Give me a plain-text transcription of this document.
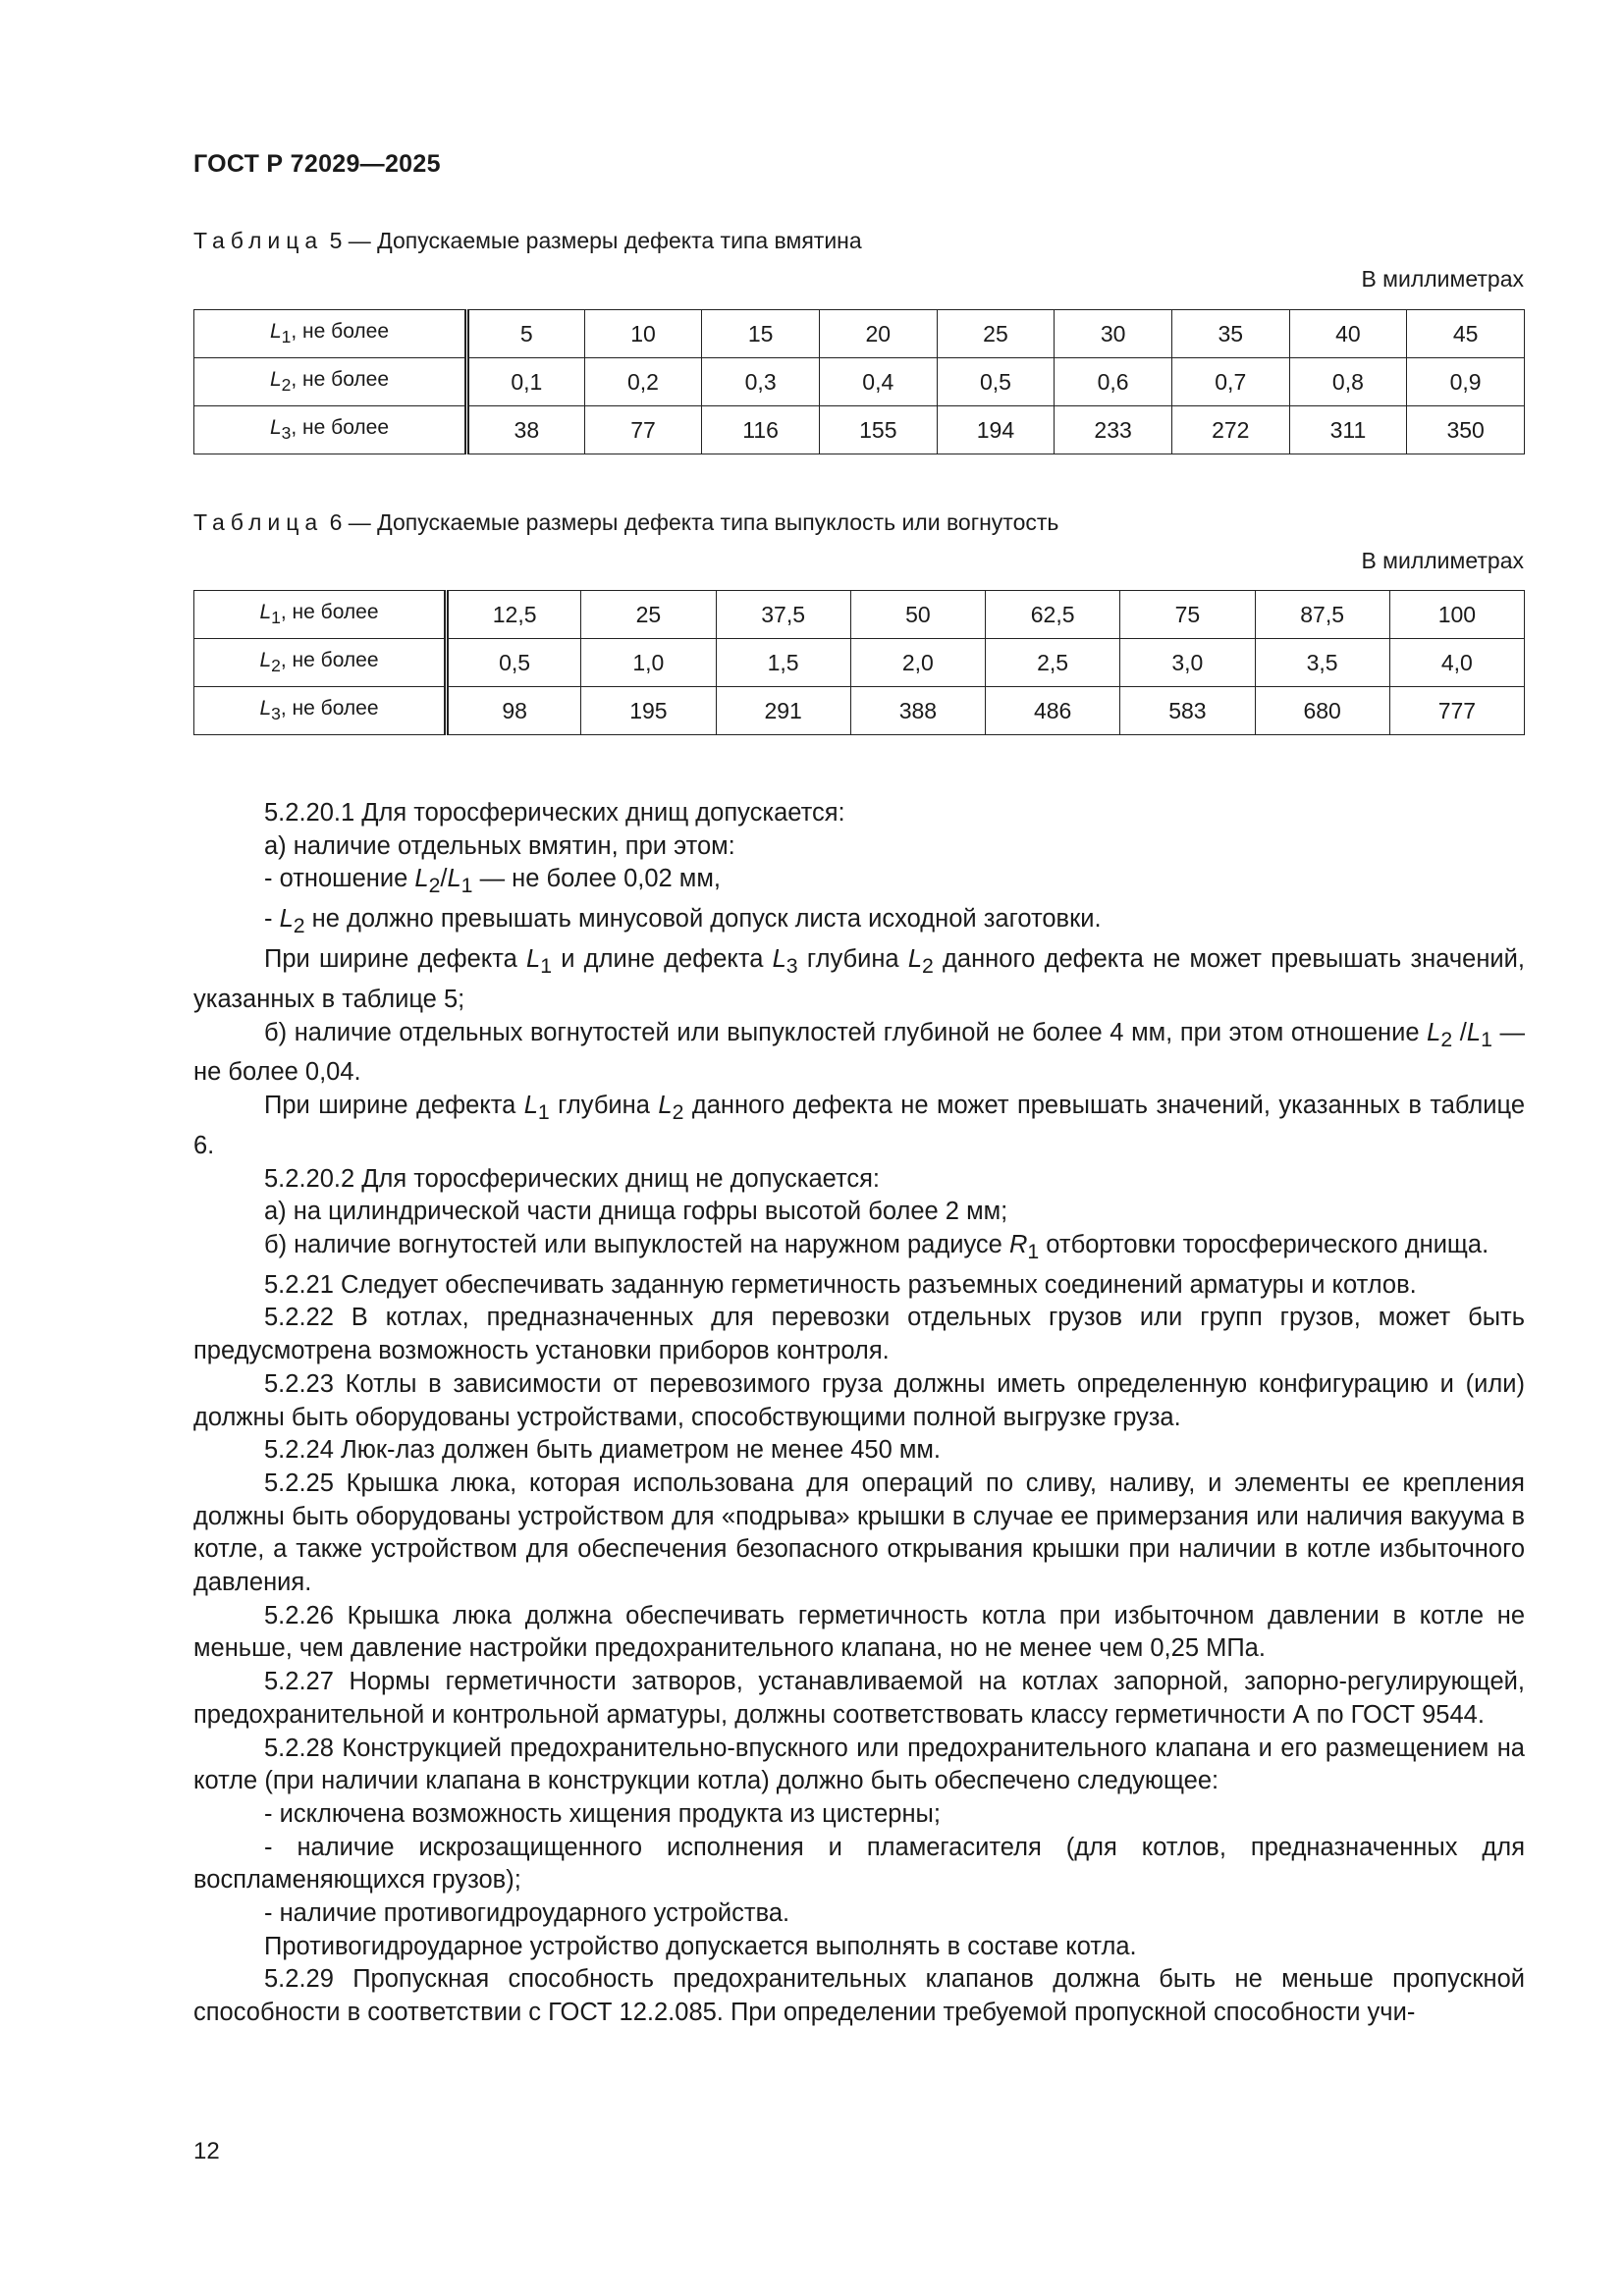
ГОСТ Р 72029—2025
Таблица 5 — Допускаемые размеры дефекта типа вмятина
В миллиметрах
$L_1$, не более	5	10	15	20	25	30	35	40	45
$L_2$, не более	0,1	0,2	0,3	0,4	0,5	0,6	0,7	0,8	0,9
$L_3$, не более	38	77	116	155	194	233	272	311	350
Таблица 6 — Допускаемые размеры дефекта типа выпуклость или вогнутость
В миллиметрах
$L_1$, не более	12,5	25	37,5	50	62,5	75	87,5	100
$L_2$, не более	0,5	1,0	1,5	2,0	2,5	3,0	3,5	4,0
$L_3$, не более	98	195	291	388	486	583	680	777

5.2.20.1 Для торосферических днищ допускается:

а) наличие отдельных вмятин, при этом:

- отношение $L_2/L_1$ — не более 0,02 мм,

- $L_2$ не должно превышать минусовой допуск листа исходной заготовки.

При ширине дефекта $L_1$ и длине дефекта $L_3$ глубина $L_2$ данного дефекта не может превышать значений, указанных в таблице 5;

б) наличие отдельных вогнутостей или выпуклостей глубиной не более 4 мм, при этом отношение $L_2$ $/L_1$ — не более 0,04.

При ширине дефекта $L_1$ глубина $L_2$ данного дефекта не может превышать значений, указанных в таблице 6.

5.2.20.2 Для торосферических днищ не допускается:

а) на цилиндрической части днища гофры высотой более 2 мм;

б) наличие вогнутостей или выпуклостей на наружном радиусе $R_1$ отбортовки торосферического днища.

5.2.21 Следует обеспечивать заданную герметичность разъемных соединений арматуры и котлов.

5.2.22 В котлах, предназначенных для перевозки отдельных грузов или групп грузов, может быть предусмотрена возможность установки приборов контроля.

5.2.23 Котлы в зависимости от перевозимого груза должны иметь определенную конфигурацию и (или) должны быть оборудованы устройствами, способствующими полной выгрузке груза.

5.2.24 Люк-лаз должен быть диаметром не менее 450 мм.

5.2.25 Крышка люка, которая использована для операций по сливу, наливу, и элементы ее крепления должны быть оборудованы устройством для «подрыва» крышки в случае ее примерзания или наличия вакуума в котле, а также устройством для обеспечения безопасного открывания крышки при наличии в котле избыточного давления.

5.2.26 Крышка люка должна обеспечивать герметичность котла при избыточном давлении в котле не меньше, чем давление настройки предохранительного клапана, но не менее чем 0,25 МПа.

5.2.27 Нормы герметичности затворов, устанавливаемой на котлах запорной, запорно-регулирующей, предохранительной и контрольной арматуры, должны соответствовать классу герметичности А по ГОСТ 9544.

5.2.28 Конструкцией предохранительно-впускного или предохранительного клапана и его размещением на котле (при наличии клапана в конструкции котла) должно быть обеспечено следующее:

- исключена возможность хищения продукта из цистерны;

- наличие искрозащищенного исполнения и пламегасителя (для котлов, предназначенных для воспламеняющихся грузов);

- наличие противогидроударного устройства.

Противогидроударное устройство допускается выполнять в составе котла.

5.2.29 Пропускная способность предохранительных клапанов должна быть не меньше пропускной способности в соответствии с ГОСТ 12.2.085. При определении требуемой пропускной способности учи-

12
